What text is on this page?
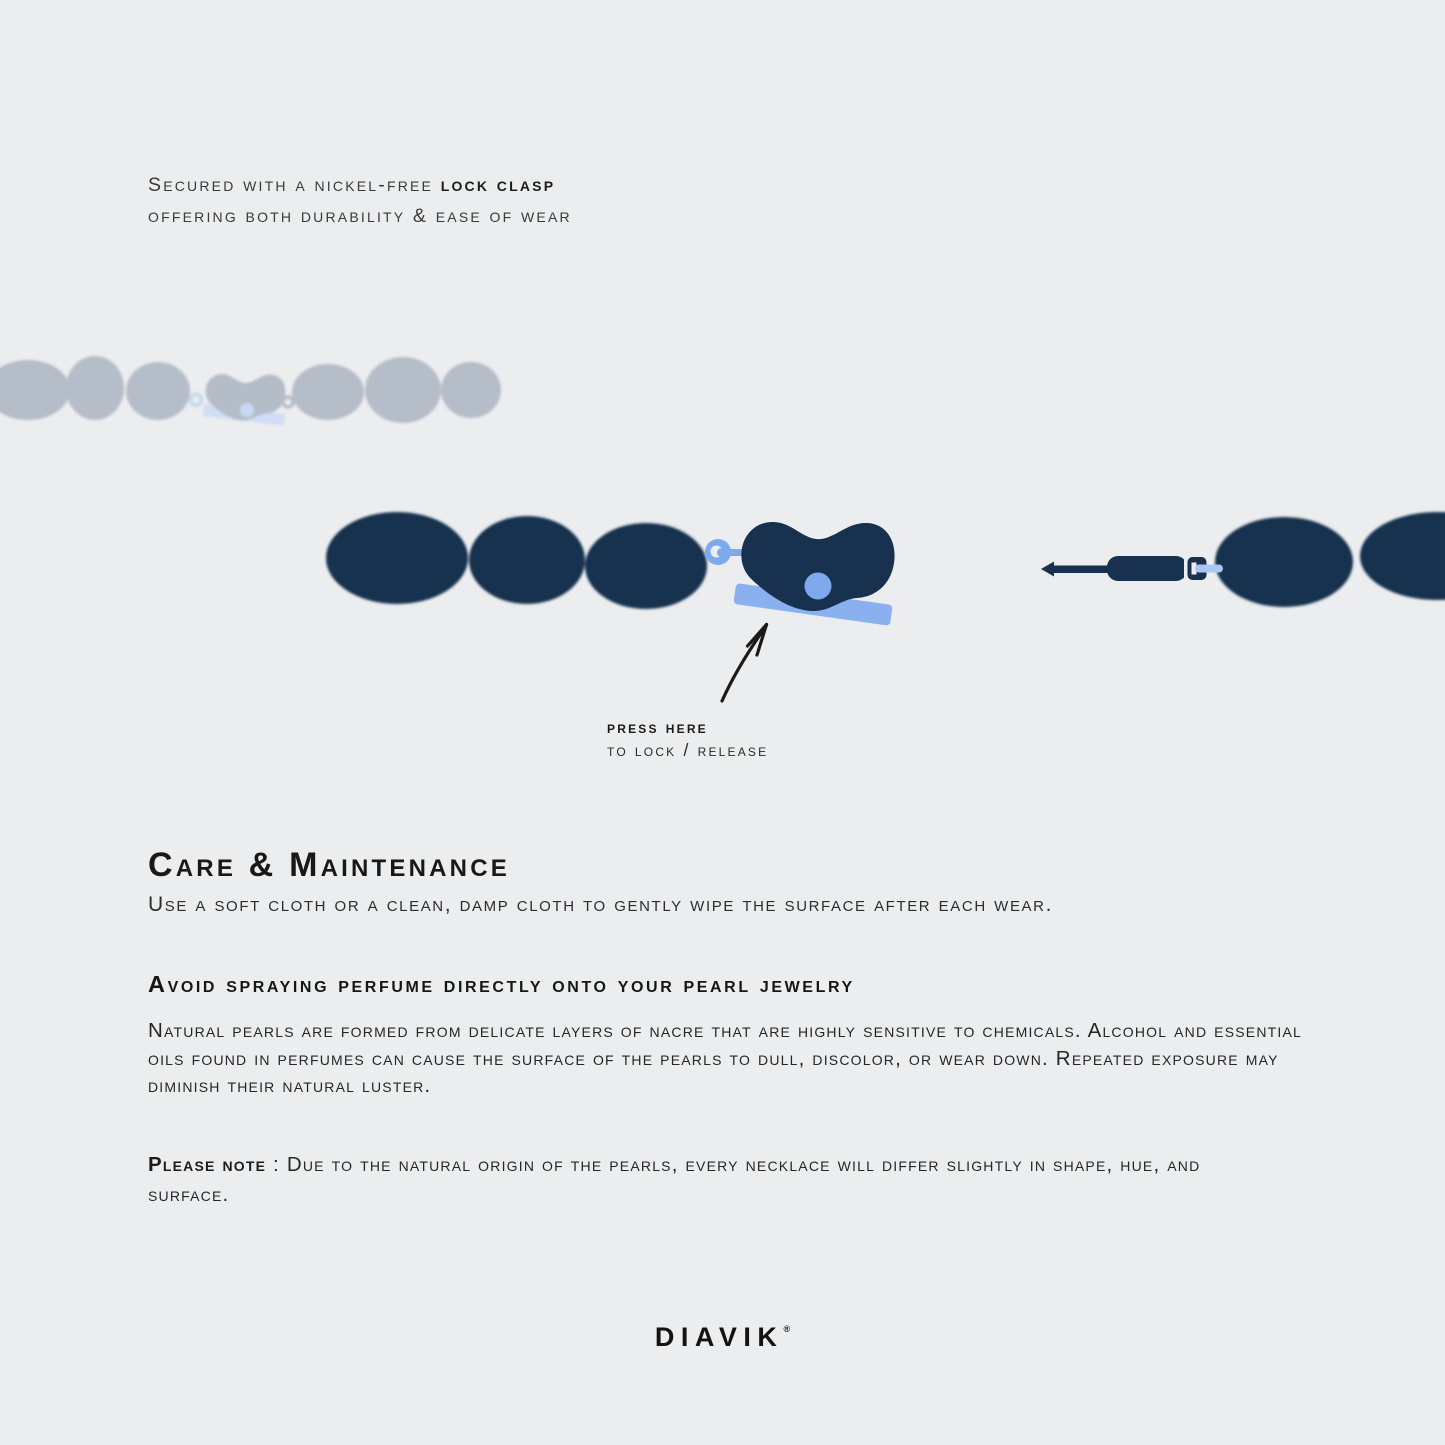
Secured with a nickel-free lock clasp
offering both durability & ease of wear
press here
to lock / release
Care & Maintenance

Use a soft cloth or a clean, damp cloth to gently wipe the surface after each wear.

Avoid spraying perfume directly onto your pearl jewelry

Natural pearls are formed from delicate layers of nacre that are highly sensitive to chemicals. Alcohol and essential oils found in perfumes can cause the surface of the pearls to dull, discolor, or wear down. Repeated exposure may diminish their natural luster.

Please note : Due to the natural origin of the pearls, every necklace will differ slightly in shape, hue, and surface.

DIAVIK®
